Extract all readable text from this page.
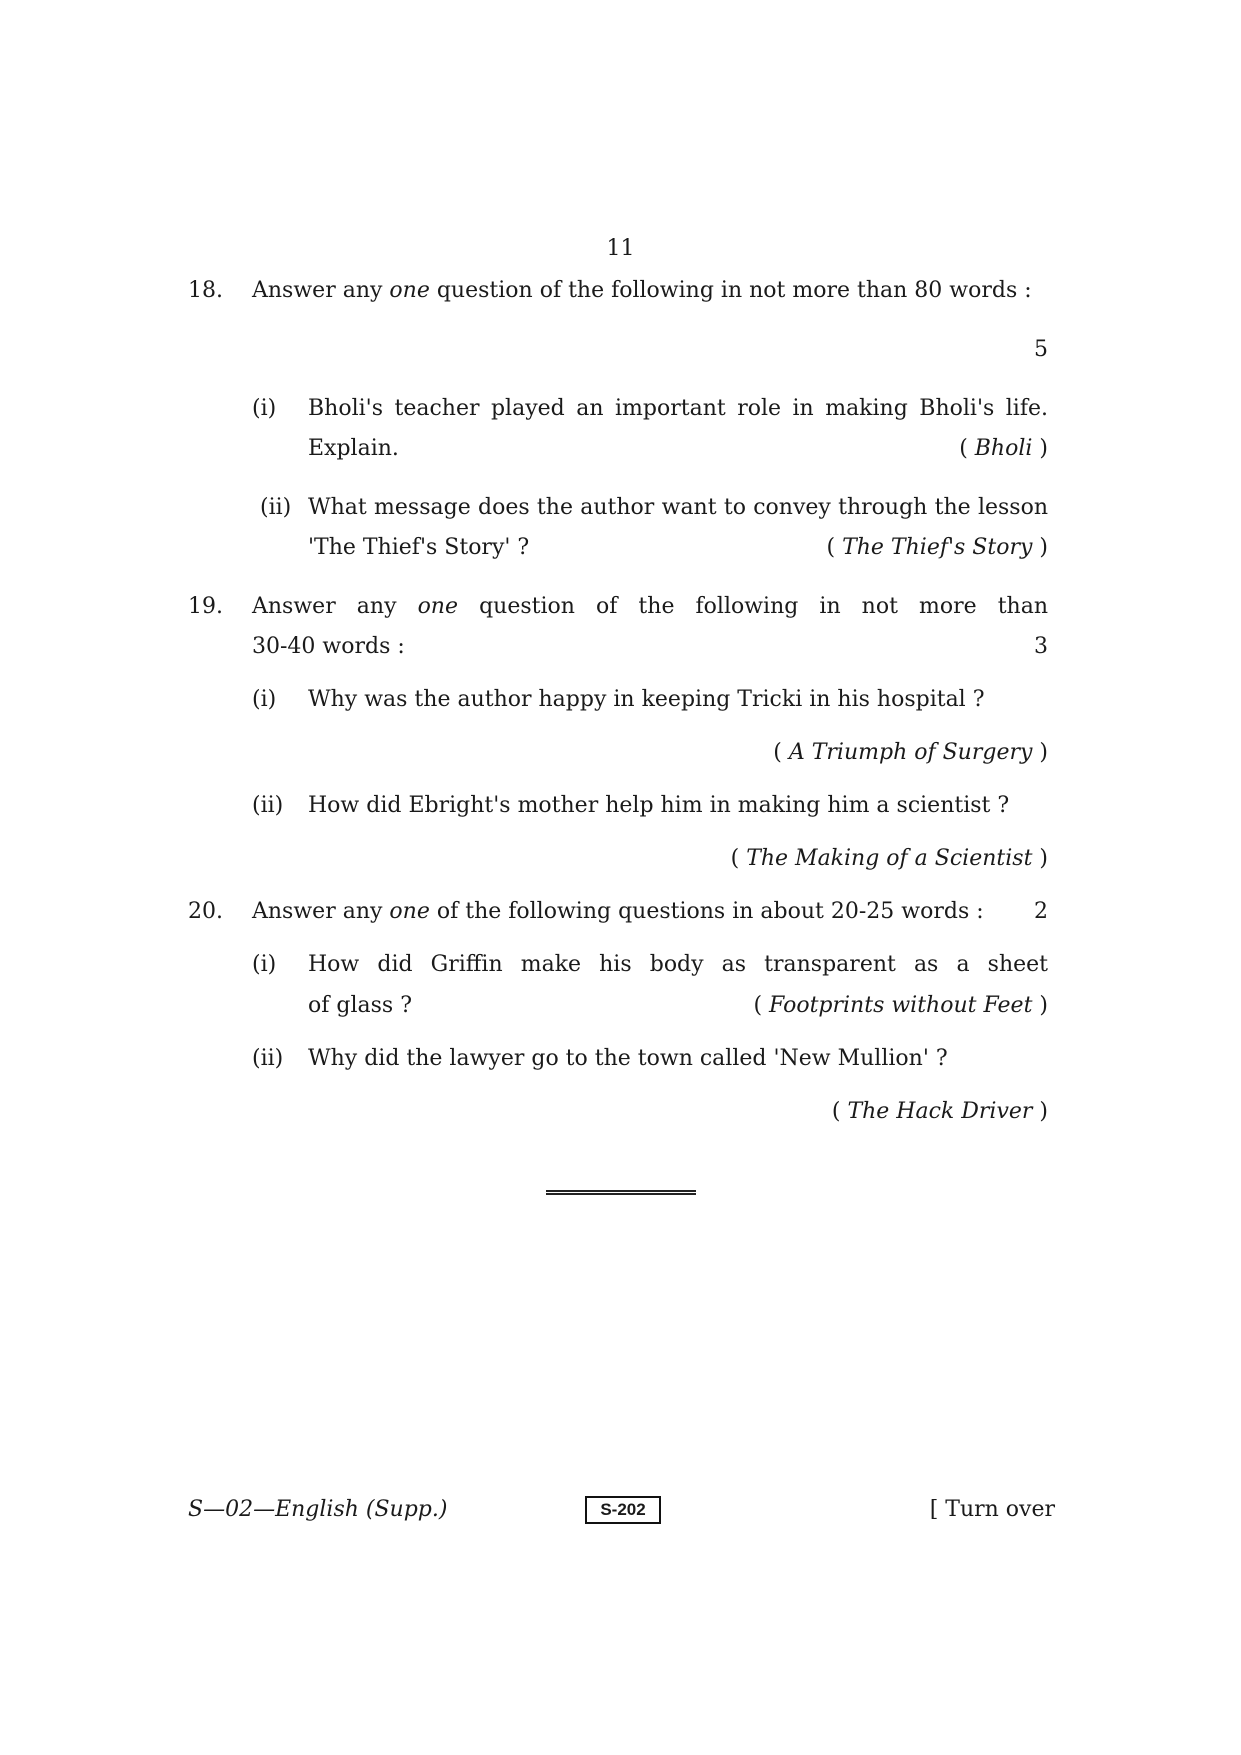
11
18. Answer any one question of the following in not more than 80 words :
5
(i)	Bholi's teacher played an important role in making Bholi's life.
Explain.	( Bholi )
(ii) What message does the author want to convey through the lesson
'The Thief's Story' ?	( The Thief's Story )
19. Answer any one question of the following in not more than
30-40 words :	3
(i)	Why was the author happy in keeping Tricki in his hospital ?
( A Triumph of Surgery )
(ii)	How did Ebright's mother help him in making him a scientist ?
( The Making of a Scientist )
20. Answer any one of the following questions in about 20-25 words :	2
(i)	How did Griffin make his body as transparent as a sheet
of glass ?	( Footprints without Feet )
(ii)	Why did the lawyer go to the town called 'New Mullion' ?
( The Hack Driver )
S—02—English (Supp.)	S-202	[ Turn over
